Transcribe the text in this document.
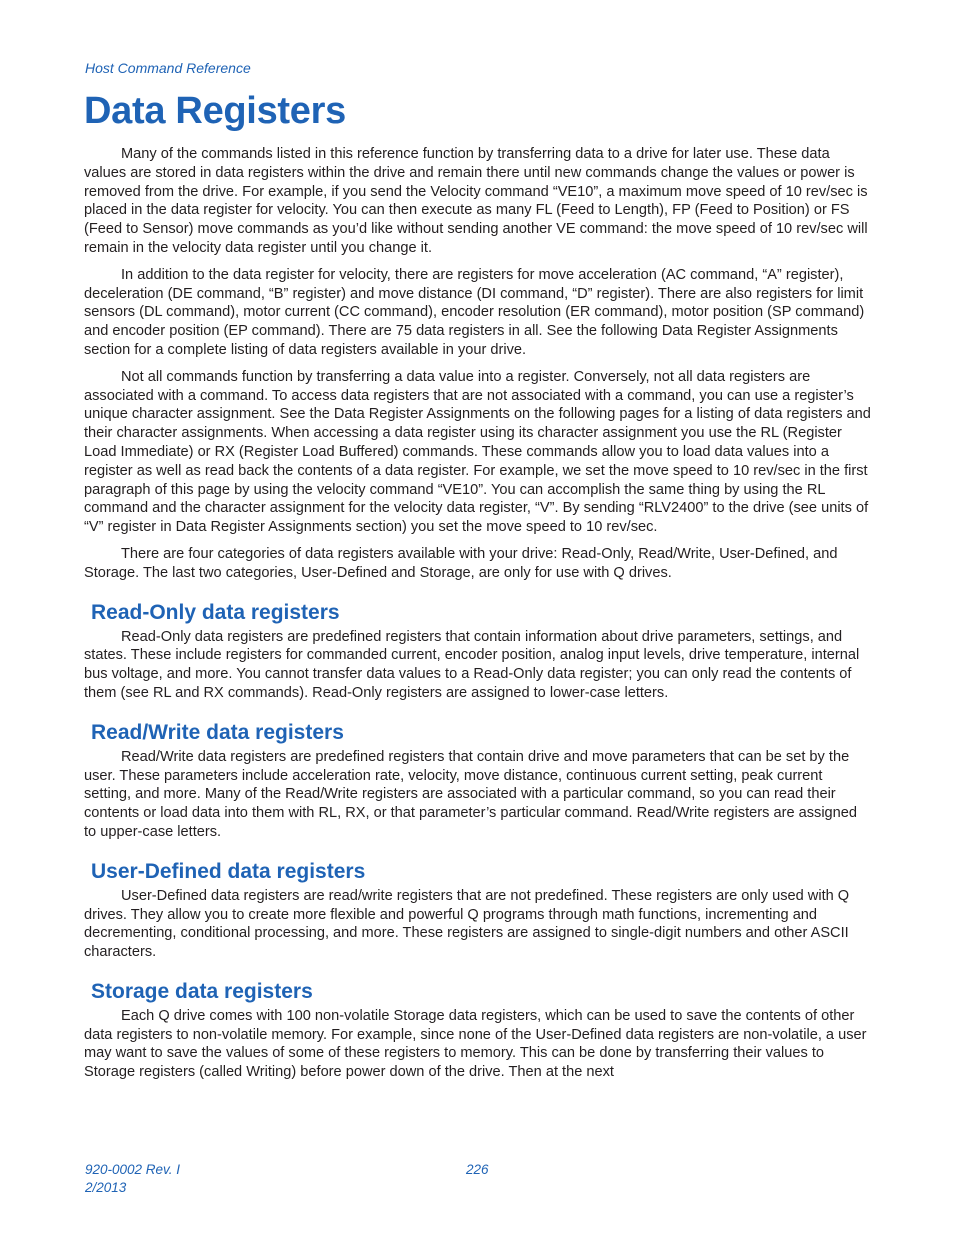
Host Command Reference
Data Registers

Many of the commands listed in this reference function by transferring data to a drive for later use. These data values are stored in data registers within the drive and remain there until new commands change the values or power is removed from the drive. For example, if you send the Velocity command “VE10”, a maximum move speed of 10 rev/sec is placed in the data register for velocity. You can then execute as many FL (Feed to Length), FP (Feed to Position) or FS (Feed to Sensor) move commands as you’d like without sending another VE command: the move speed of 10 rev/sec will remain in the velocity data register until you change it.

In addition to the data register for velocity, there are registers for move acceleration (AC command, “A” register), deceleration (DE command, “B” register) and move distance (DI command, “D” register). There are also registers for limit sensors (DL command), motor current (CC command), encoder resolution (ER command), motor position (SP command) and encoder position (EP command). There are 75 data registers in all. See the following Data Register Assignments section for a complete listing of data registers available in your drive.

Not all commands function by transferring a data value into a register. Conversely, not all data registers are associated with a command. To access data registers that are not associated with a command, you can use a register’s unique character assignment. See the Data Register Assignments on the following pages for a listing of data registers and their character assignments. When accessing a data register using its character assignment you use the RL (Register Load Immediate) or RX (Register Load Buffered) commands. These commands allow you to load data values into a register as well as read back the contents of a data register. For example, we set the move speed to 10 rev/sec in the first paragraph of this page by using the velocity command “VE10”. You can accomplish the same thing by using the RL command and the character assignment for the velocity data register, “V”. By sending “RLV2400” to the drive (see units of “V” register in Data Register Assignments section) you set the move speed to 10 rev/sec.

There are four categories of data registers available with your drive: Read-Only, Read/Write, User-Defined, and Storage. The last two categories, User-Defined and Storage, are only for use with Q drives.

Read-Only data registers

Read-Only data registers are predefined registers that contain information about drive parameters, settings, and states. These include registers for commanded current, encoder position, analog input levels, drive temperature, internal bus voltage, and more. You cannot transfer data values to a Read-Only data register; you can only read the contents of them (see RL and RX commands). Read-Only registers are assigned to lower-case letters.

Read/Write data registers

Read/Write data registers are predefined registers that contain drive and move parameters that can be set by the user. These parameters include acceleration rate, velocity, move distance, continuous current setting, peak current setting, and more. Many of the Read/Write registers are associated with a particular command, so you can read their contents or load data into them with RL, RX, or that parameter’s particular command. Read/Write registers are assigned to upper-case letters.

User-Defined data registers

User-Defined data registers are read/write registers that are not predefined. These registers are only used with Q drives. They allow you to create more flexible and powerful Q programs through math functions, incrementing and decrementing, conditional processing, and more. These registers are assigned to single-digit numbers and other ASCII characters.

Storage data registers

Each Q drive comes with 100 non-volatile Storage data registers, which can be used to save the contents of other data registers to non-volatile memory. For example, since none of the User-Defined data registers are non-volatile, a user may want to save the values of some of these registers to memory. This can be done by transferring their values to Storage registers (called Writing) before power down of the drive. Then at the next

920-0002 Rev. I
2/2013
226
